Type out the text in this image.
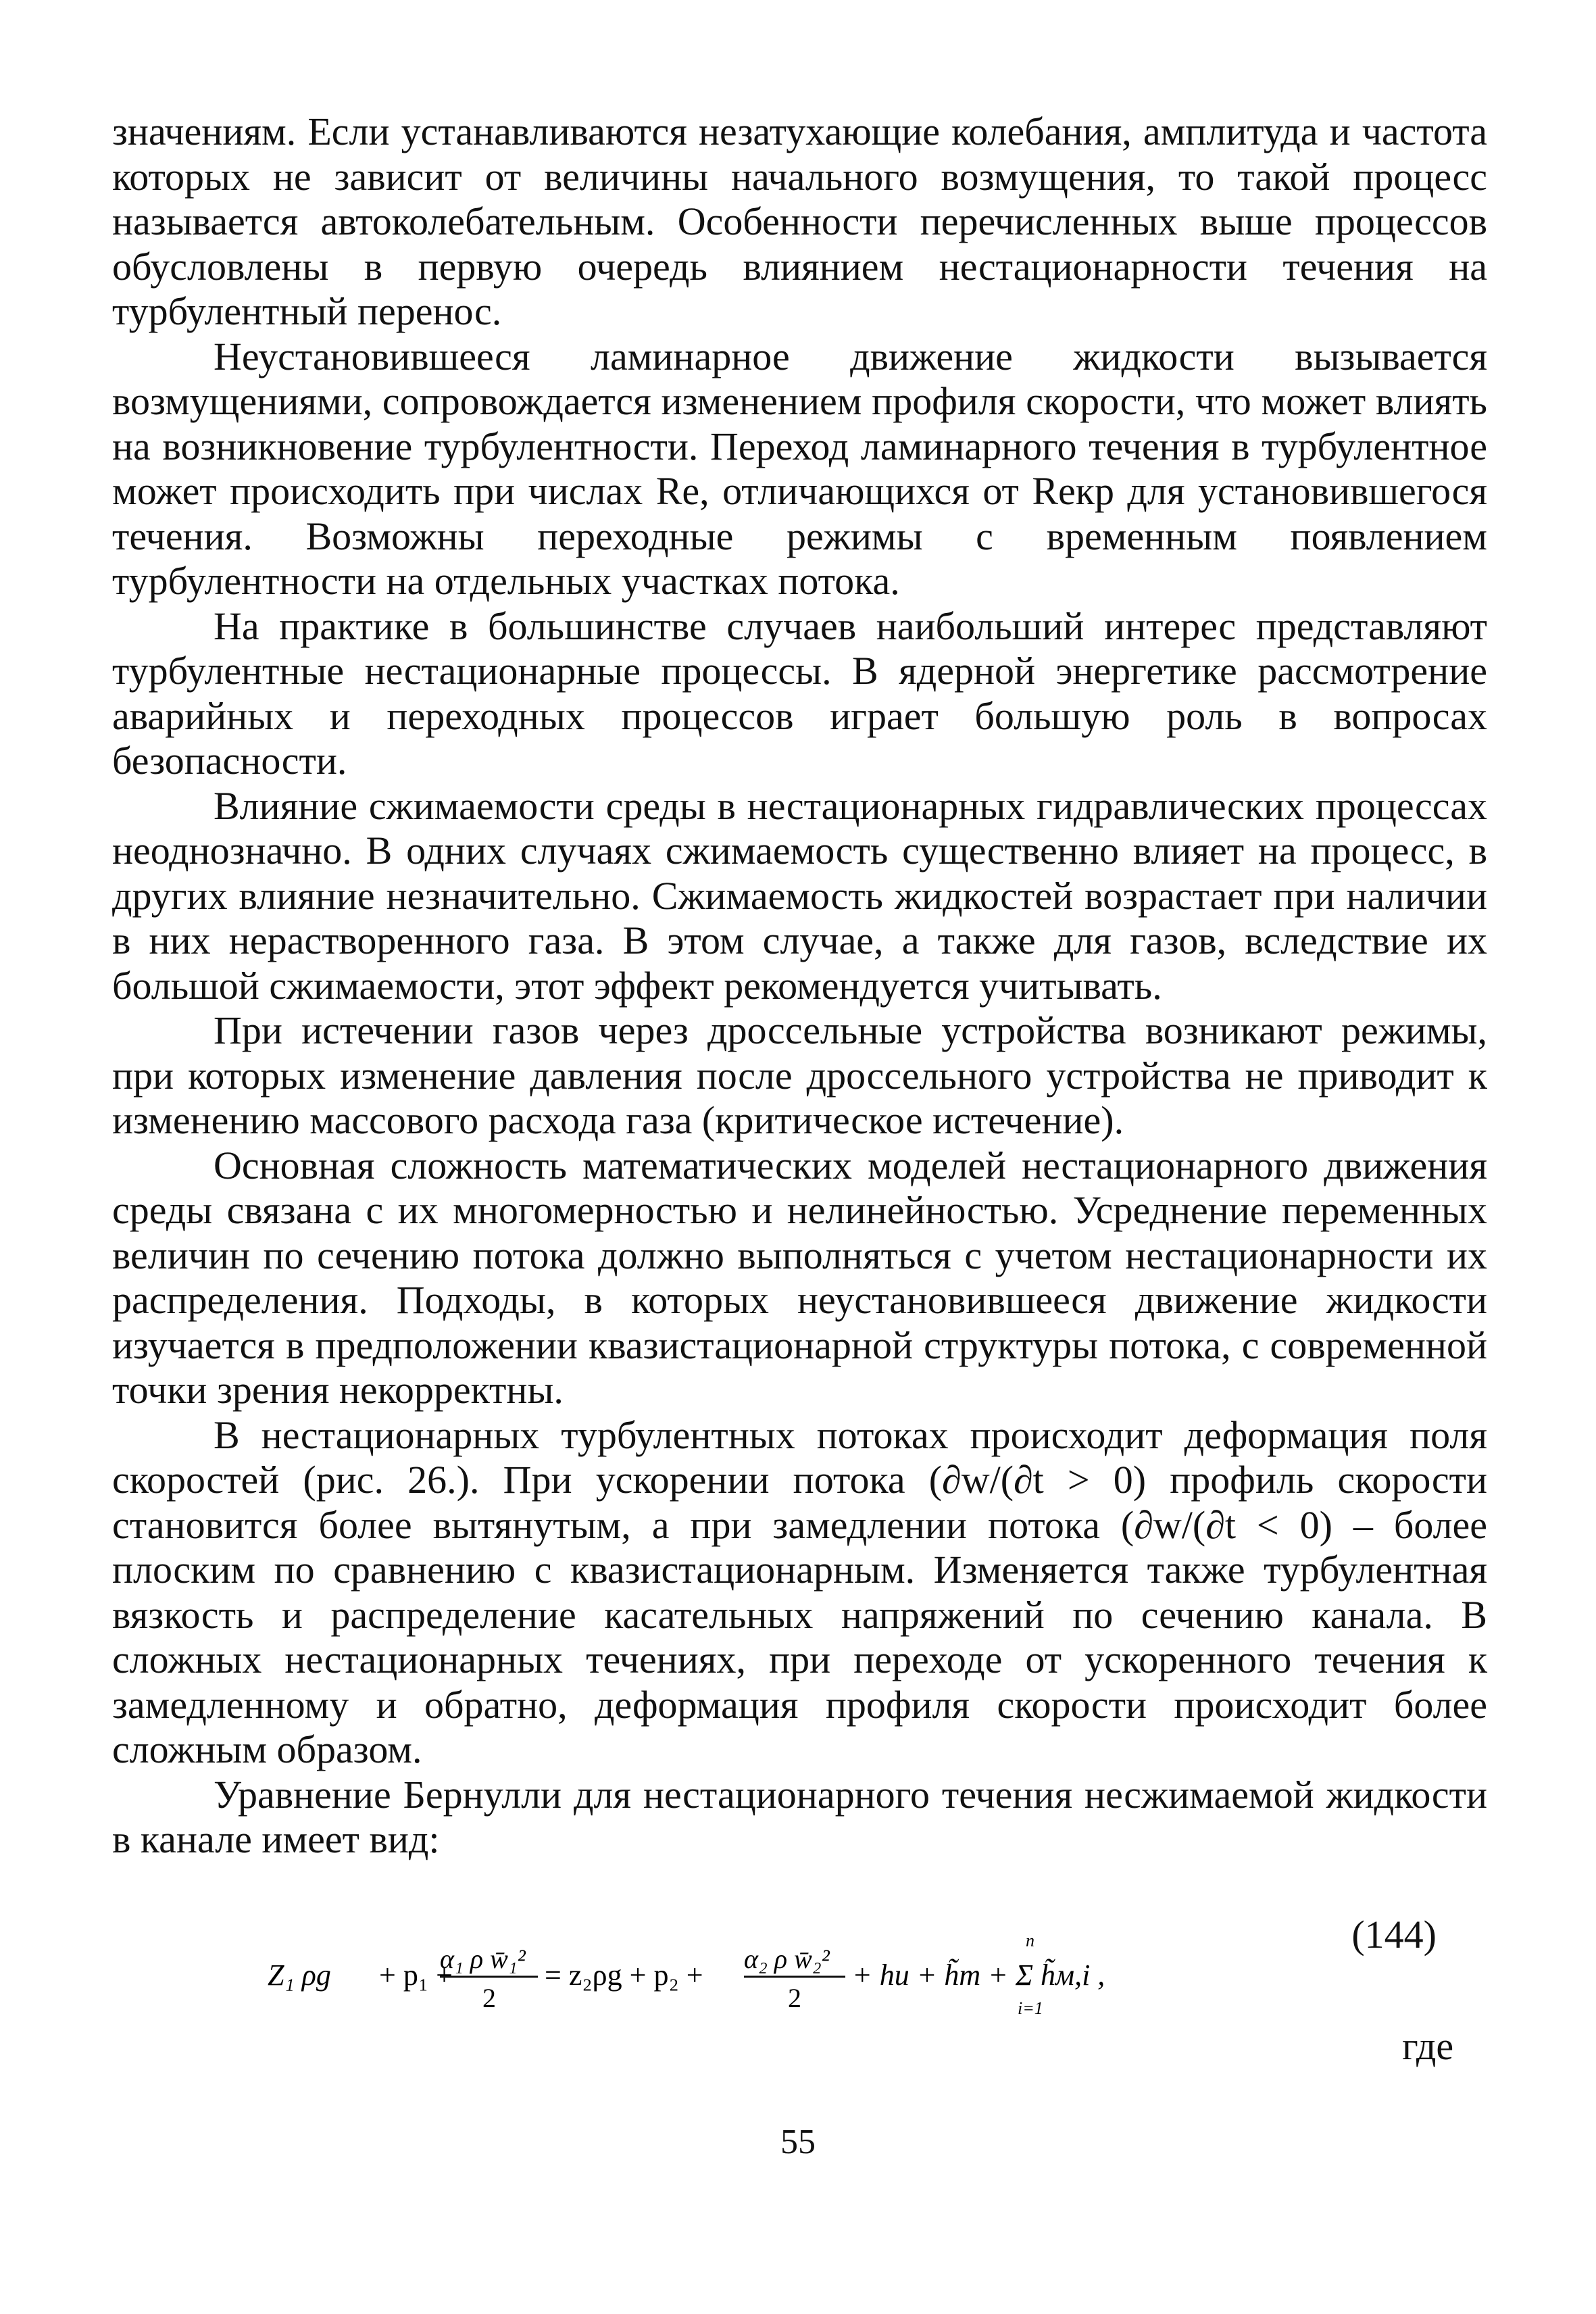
значениям. Если устанавливаются незатухающие колебания, амплитуда и частота которых не зависит от величины начального возмущения, то такой процесс называется автоколебательным. Особенности перечисленных выше процессов обусловлены в первую очередь влиянием нестационарности течения на турбулентный перенос.

Неустановившееся ламинарное движение жидкости вызывается возмущениями, сопровождается изменением профиля скорости, что может влиять на возникновение турбулентности. Переход ламинарного течения в турбулентное может происходить при числах Re, отличающихся от Reкр для установившегося течения. Возможны переходные режимы с временным появлением турбулентности на отдельных участках потока.

На практике в большинстве случаев наибольший интерес представляют турбулентные нестационарные процессы. В ядерной энергетике рассмотрение аварийных и переходных процессов играет большую роль в вопросах безопасности.

Влияние сжимаемости среды в нестационарных гидравлических процессах неоднозначно. В одних случаях сжимаемость существенно влияет на процесс, в других влияние незначительно. Сжимаемость жидкостей возрастает при наличии в них нерастворенного газа. В этом случае, а также для газов, вследствие их большой сжимаемости, этот эффект рекомендуется учитывать.

При истечении газов через дроссельные устройства возникают режимы, при которых изменение давления после дроссельного устройства не приводит к изменению массового расхода газа (критическое истечение).

Основная сложность математических моделей нестационарного движения среды связана с их многомерностью и нелинейностью. Усреднение переменных величин по сечению потока должно выполняться с учетом нестационарности их распределения. Подходы, в которых неустановившееся движение жидкости изучается в предположении квазистационарной структуры потока, с современной точки зрения некорректны.

В нестационарных турбулентных потоках происходит деформация поля скоростей (рис. 26.). При ускорении потока (∂w/(∂t > 0) профиль скорости становится более вытянутым, а при замедлении потока (∂w/(∂t < 0) – более плоским по сравнению с квазистационарным. Изменяется также турбулентная вязкость и распределение касательных напряжений по сечению канала. В сложных нестационарных течениях, при переходе от ускоренного течения к замедленному и обратно, деформация профиля скорости происходит более сложным образом.

Уравнение Бернулли для нестационарного течения несжимаемой жидкости в канале имеет вид:

Z₁ ρg + p₁ +
α₁ ρ w̄₁²
2
= z₂ρg + p₂ + α₂ ρ w̄₂²
2
+ hи + h̃т + Σ h̃м,i ,
n
i=1
(144)
где
55
